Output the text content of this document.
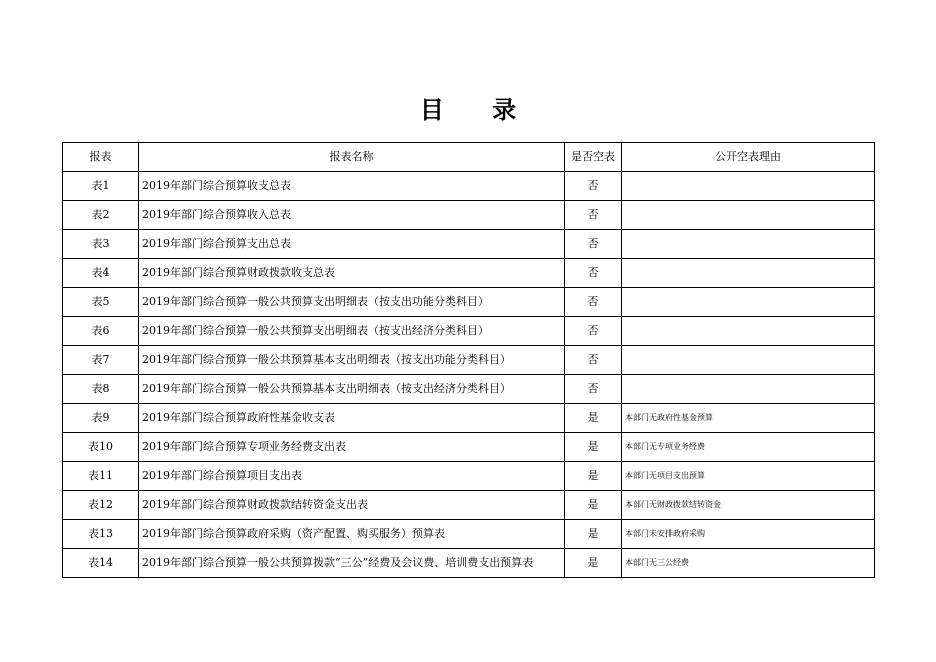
目 录
报表	报表名称	是否空表	公开空表理由
表1	2019年部门综合预算收支总表	否	
表2	2019年部门综合预算收入总表	否	
表3	2019年部门综合预算支出总表	否	
表4	2019年部门综合预算财政拨款收支总表	否	
表5	2019年部门综合预算一般公共预算支出明细表（按支出功能分类科目）	否	
表6	2019年部门综合预算一般公共预算支出明细表（按支出经济分类科目）	否	
表7	2019年部门综合预算一般公共预算基本支出明细表（按支出功能分类科目）	否	
表8	2019年部门综合预算一般公共预算基本支出明细表（按支出经济分类科目）	否	
表9	2019年部门综合预算政府性基金收支表	是	本部门无政府性基金预算
表10	2019年部门综合预算专项业务经费支出表	是	本部门无专项业务经费
表11	2019年部门综合预算项目支出表	是	本部门无项目支出预算
表12	2019年部门综合预算财政拨款结转资金支出表	是	本部门无财政拨款结转资金
表13	2019年部门综合预算政府采购（资产配置、购买服务）预算表	是	本部门未安排政府采购
表14	2019年部门综合预算一般公共预算拨款“三公”经费及会议费、培训费支出预算表	是	本部门无三公经费
